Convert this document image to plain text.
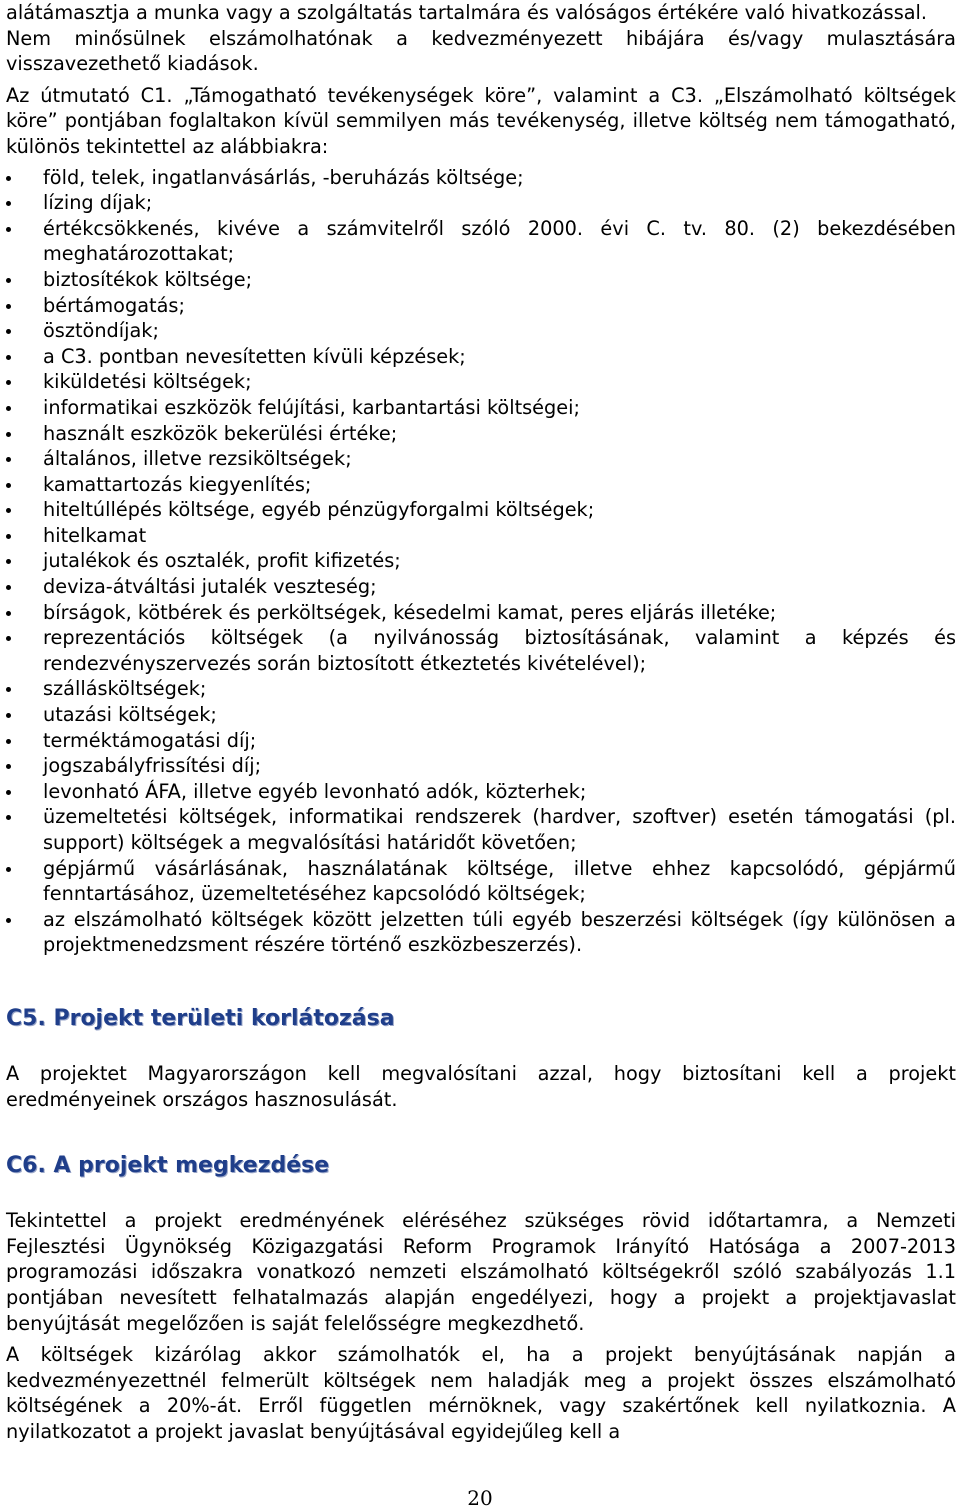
alátámasztja a munka vagy a szolgáltatás tartalmára és valóságos értékére való hivatkozással.

Nem minősülnek elszámolhatónak a kedvezményezett hibájára és/vagy mulasztására visszavezethető kiadások.

Az útmutató C1. „Támogatható tevékenységek köre”, valamint a C3. „Elszámolható költségek köre” pontjában foglaltakon kívül semmilyen más tevékenység, illetve költség nem támogatható, különös tekintettel az alábbiakra:

föld, telek, ingatlanvásárlás, -beruházás költsége;
lízing díjak;
értékcsökkenés, kivéve a számvitelről szóló 2000. évi C. tv. 80. (2) bekezdésében meghatározottakat;
biztosítékok költsége;
bértámogatás;
ösztöndíjak;
a C3. pontban nevesítetten kívüli képzések;
kiküldetési költségek;
informatikai eszközök felújítási, karbantartási költségei;
használt eszközök bekerülési értéke;
általános, illetve rezsiköltségek;
kamattartozás kiegyenlítés;
hiteltúllépés költsége, egyéb pénzügyforgalmi költségek;
hitelkamat
jutalékok és osztalék, profit kifizetés;
deviza-átváltási jutalék veszteség;
bírságok, kötbérek és perköltségek, késedelmi kamat, peres eljárás illetéke;
reprezentációs költségek (a nyilvánosság biztosításának, valamint a képzés és rendezvényszervezés során biztosított étkeztetés kivételével);
szállásköltségek;
utazási költségek;
terméktámogatási díj;
jogszabályfrissítési díj;
levonható ÁFA, illetve egyéb levonható adók, közterhek;
üzemeltetési költségek, informatikai rendszerek (hardver, szoftver) esetén támogatási (pl. support) költségek a megvalósítási határidőt követően;
gépjármű vásárlásának, használatának költsége, illetve ehhez kapcsolódó, gépjármű fenntartásához, üzemeltetéséhez kapcsolódó költségek;
az elszámolható költségek között jelzetten túli egyéb beszerzési költségek (így különösen a projektmenedzsment részére történő eszközbeszerzés).
C5. Projekt területi korlátozása

A projektet Magyarországon kell megvalósítani azzal, hogy biztosítani kell a projekt eredményeinek országos hasznosulását.

C6. A projekt megkezdése

Tekintettel a projekt eredményének eléréséhez szükséges rövid időtartamra, a Nemzeti Fejlesztési Ügynökség Közigazgatási Reform Programok Irányító Hatósága a 2007-2013 programozási időszakra vonatkozó nemzeti elszámolható költségekről szóló szabályozás 1.1 pontjában nevesített felhatalmazás alapján engedélyezi, hogy a projekt a projektjavaslat benyújtását megelőzően is saját felelősségre megkezdhető.

A költségek kizárólag akkor számolhatók el, ha a projekt benyújtásának napján a kedvezményezettnél felmerült költségek nem haladják meg a projekt összes elszámolható költségének a 20%-át. Erről független mérnöknek, vagy szakértőnek kell nyilatkoznia. A nyilatkozatot a projekt javaslat benyújtásával egyidejűleg kell a

20
